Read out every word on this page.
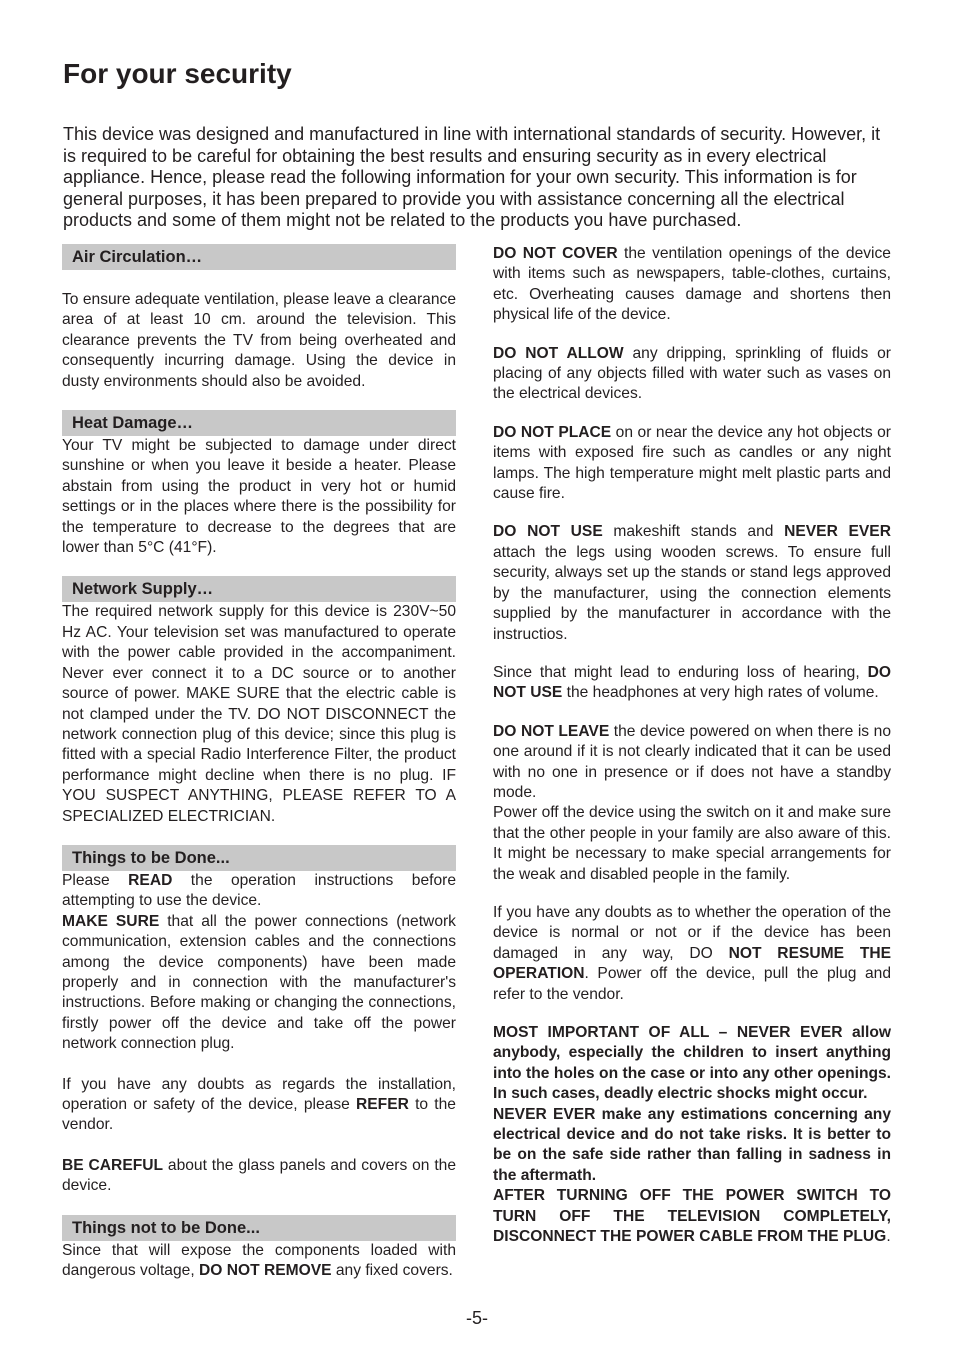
For your security

This device was designed and manufactured in line with international standards of security. However, it is required to be careful for obtaining the best results and ensuring security as in every electrical appliance. Hence, please read the following information for your own security. This information is for general purposes, it has been prepared to provide you with assistance concerning all the electrical products and some of them might not be related to the products you have purchased.

Air Circulation…

To ensure adequate ventilation, please leave a clearance area of at least 10 cm. around the television. This clearance prevents the TV from being overheated and consequently incurring damage. Using the device in dusty environments should also be avoided.

Heat Damage…

Your TV might be subjected to damage under direct sunshine or when you leave it beside a heater. Please abstain from using the product in very hot or humid settings or in the places where there is the possibility for the temperature to decrease to the degrees that are lower than 5°C (41°F).

Network Supply…

The required network supply for this device is 230V~50 Hz AC. Your television set was manufactured to operate with the power cable provided in the accompaniment. Never ever connect it to a DC source or to another source of power. MAKE SURE that the electric cable is not clamped under the TV. DO NOT DISCONNECT the network connection plug of this device; since this plug is fitted with a special Radio Interference Filter, the product performance might decline when there is no plug. IF YOU SUSPECT ANYTHING, PLEASE REFER TO A SPECIALIZED ELECTRICIAN.

Things to be Done...

Please READ the operation instructions before attempting to use the device.

MAKE SURE that all the power connections (network communication, extension cables and the connections among the device components) have been made properly and in connection with the manufacturer's instructions. Before making or changing the connections, firstly power off the device and take off the power network connection plug.

If you have any doubts as regards the installation, operation or safety of the device, please REFER to the vendor.

BE CAREFUL about the glass panels and covers on the device.

Things not to be Done...

Since that will expose the components loaded with dangerous voltage, DO NOT REMOVE any fixed covers.

DO NOT COVER the ventilation openings of the device with items such as newspapers, table-clothes, curtains, etc. Overheating causes damage and shortens then physical life of the device.

DO NOT ALLOW any dripping, sprinkling of fluids or placing of any objects filled with water such as vases on the electrical devices.

DO NOT PLACE on or near the device any hot objects or items with exposed fire such as candles or any night lamps. The high temperature might melt plastic parts and cause fire.

DO NOT USE makeshift stands and NEVER EVER attach the legs using wooden screws. To ensure full security, always set up the stands or stand legs approved by the manufacturer, using the connection elements supplied by the manufacturer in accordance with the instructios.

Since that might lead to enduring loss of hearing, DO NOT USE the headphones at very high rates of volume.

DO NOT LEAVE the device powered on when there is no one around if it is not clearly indicated that it can be used with no one in presence or if does not have a standby mode.

Power off the device using the switch on it and make sure that the other people in your family are also aware of this. It might be necessary to make special arrangements for the weak and disabled people in the family.

If you have any doubts as to whether the operation of the device is normal or not or if the device has been damaged in any way, DO NOT RESUME THE OPERATION. Power off the device, pull the plug and refer to the vendor.

MOST IMPORTANT OF ALL – NEVER EVER allow anybody, especially the children to insert anything into the holes on the case or into any other openings. In such cases, deadly electric shocks might occur.

NEVER EVER make any estimations concerning any electrical device and do not take risks. It is better to be on the safe side rather than falling in sadness in the aftermath.

AFTER TURNING OFF THE POWER SWITCH TO TURN OFF THE TELEVISION COMPLETELY, DISCONNECT THE POWER CABLE FROM THE PLUG.

-5-
